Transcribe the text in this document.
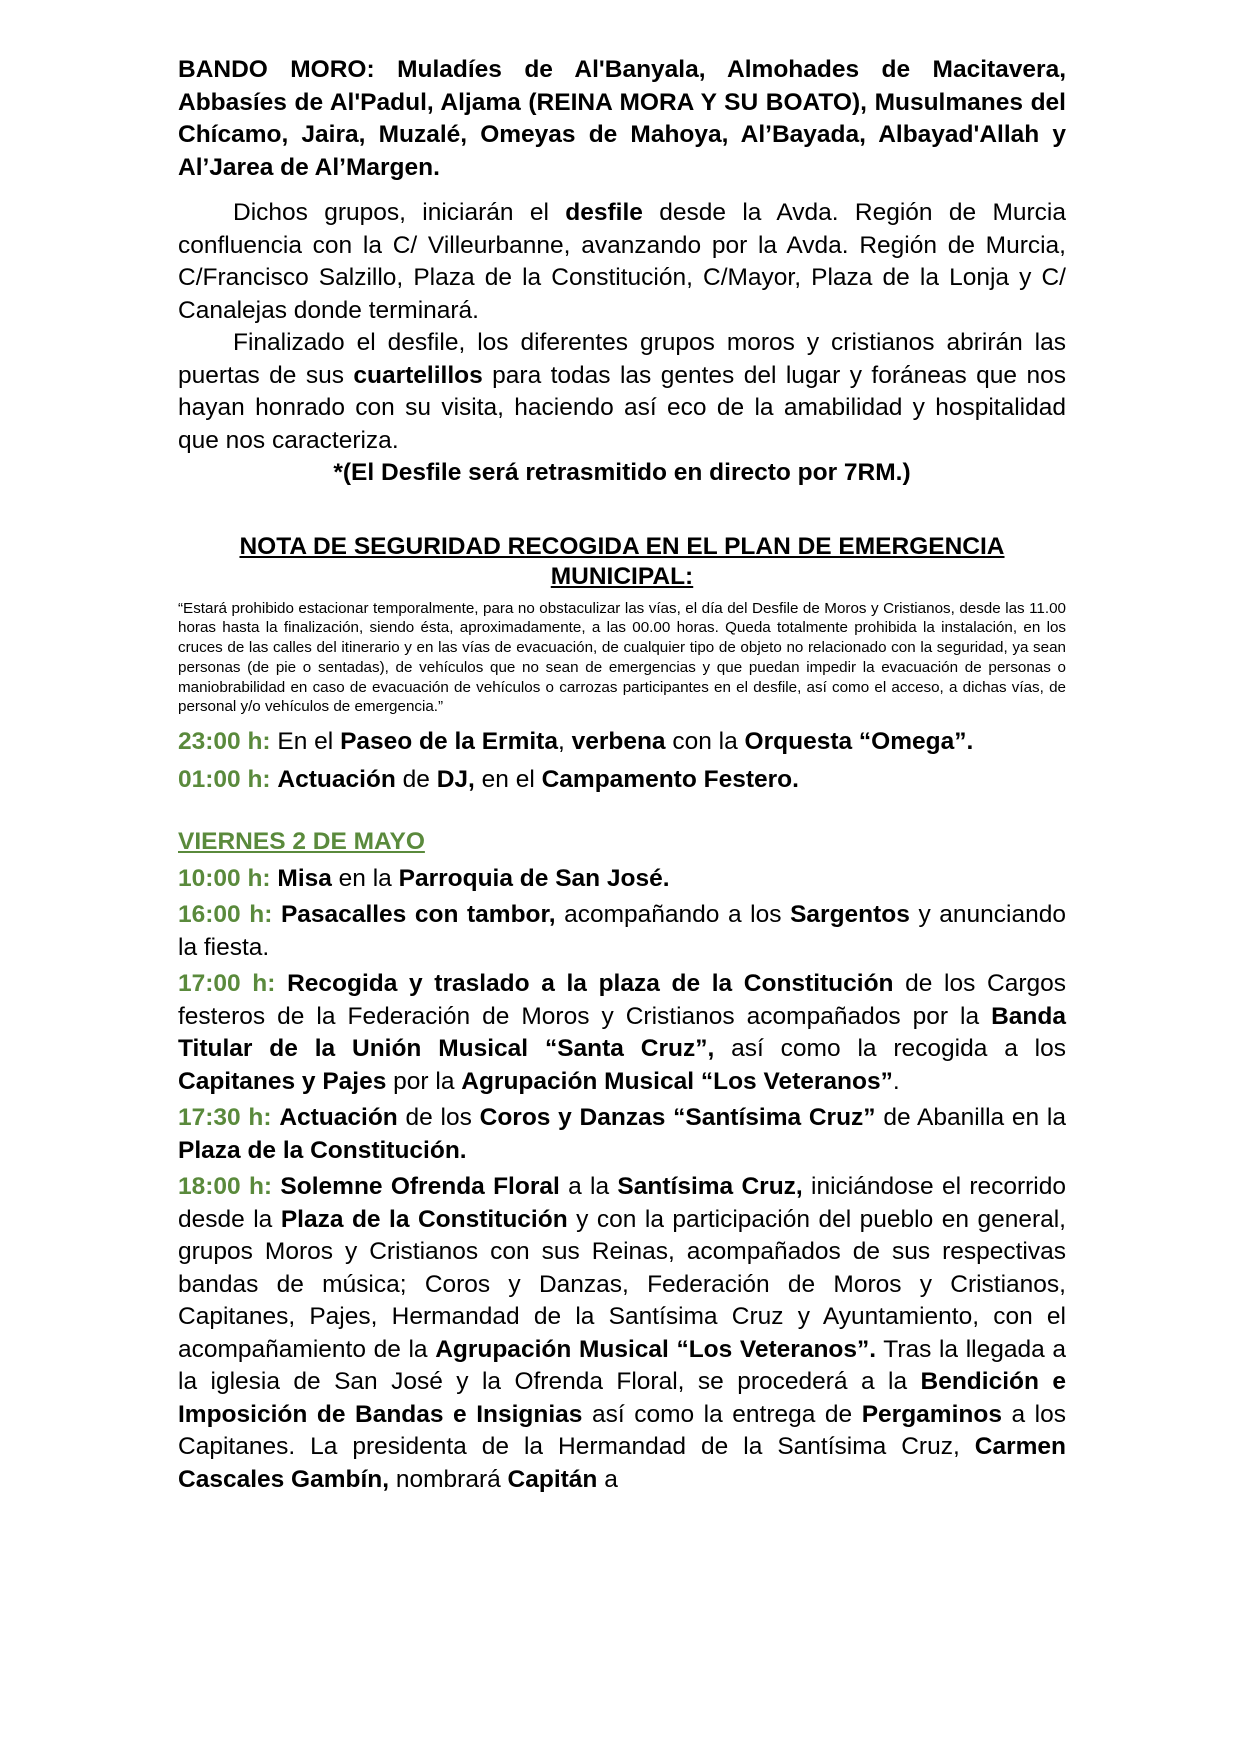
BANDO MORO: Muladíes de Al'Banyala, Almohades de Macitavera, Abbasíes de Al'Padul, Aljama (REINA MORA Y SU BOATO), Musulmanes del Chícamo, Jaira, Muzalé, Omeyas de Mahoya, Al’Bayada, Albayad'Allah y Al’Jarea de Al’Margen.

Dichos grupos, iniciarán el desfile desde la Avda. Región de Murcia confluencia con la C/ Villeurbanne, avanzando por la Avda. Región de Murcia, C/Francisco Salzillo, Plaza de la Constitución, C/Mayor, Plaza de la Lonja y C/ Canalejas donde terminará.

Finalizado el desfile, los diferentes grupos moros y cristianos abrirán las puertas de sus cuartelillos para todas las gentes del lugar y foráneas que nos hayan honrado con su visita, haciendo así eco de la amabilidad y hospitalidad que nos caracteriza.

*(El Desfile será retrasmitido en directo por 7RM.)

NOTA DE SEGURIDAD RECOGIDA EN EL PLAN DE EMERGENCIA
MUNICIPAL:

“Estará prohibido estacionar temporalmente, para no obstaculizar las vías, el día del Desfile de Moros y Cristianos, desde las 11.00 horas hasta la finalización, siendo ésta, aproximadamente, a las 00.00 horas. Queda totalmente prohibida la instalación, en los cruces de las calles del itinerario y en las vías de evacuación, de cualquier tipo de objeto no relacionado con la seguridad, ya sean personas (de pie o sentadas), de vehículos que no sean de emergencias y que puedan impedir la evacuación de personas o maniobrabilidad en caso de evacuación de vehículos o carrozas participantes en el desfile, así como el acceso, a dichas vías, de personal y/o vehículos de emergencia.”

23:00 h: En el Paseo de la Ermita, verbena con la Orquesta “Omega”.

01:00 h: Actuación de DJ, en el Campamento Festero.

VIERNES 2 DE MAYO

10:00 h: Misa en la Parroquia de San José.

16:00 h: Pasacalles con tambor, acompañando a los Sargentos y anunciando la fiesta.

17:00 h: Recogida y traslado a la plaza de la Constitución de los Cargos festeros de la Federación de Moros y Cristianos acompañados por la Banda Titular de la Unión Musical “Santa Cruz”, así como la recogida a los Capitanes y Pajes por la Agrupación Musical “Los Veteranos”.

17:30 h: Actuación de los Coros y Danzas “Santísima Cruz” de Abanilla en la Plaza de la Constitución.

18:00 h: Solemne Ofrenda Floral a la Santísima Cruz, iniciándose el recorrido desde la Plaza de la Constitución y con la participación del pueblo en general, grupos Moros y Cristianos con sus Reinas, acompañados de sus respectivas bandas de música; Coros y Danzas, Federación de Moros y Cristianos, Capitanes, Pajes, Hermandad de la Santísima Cruz y Ayuntamiento, con el acompañamiento de la Agrupación Musical “Los Veteranos”. Tras la llegada a la iglesia de San José y la Ofrenda Floral, se procederá a la Bendición e Imposición de Bandas e Insignias así como la entrega de Pergaminos a los Capitanes. La presidenta de la Hermandad de la Santísima Cruz, Carmen Cascales Gambín, nombrará Capitán a
